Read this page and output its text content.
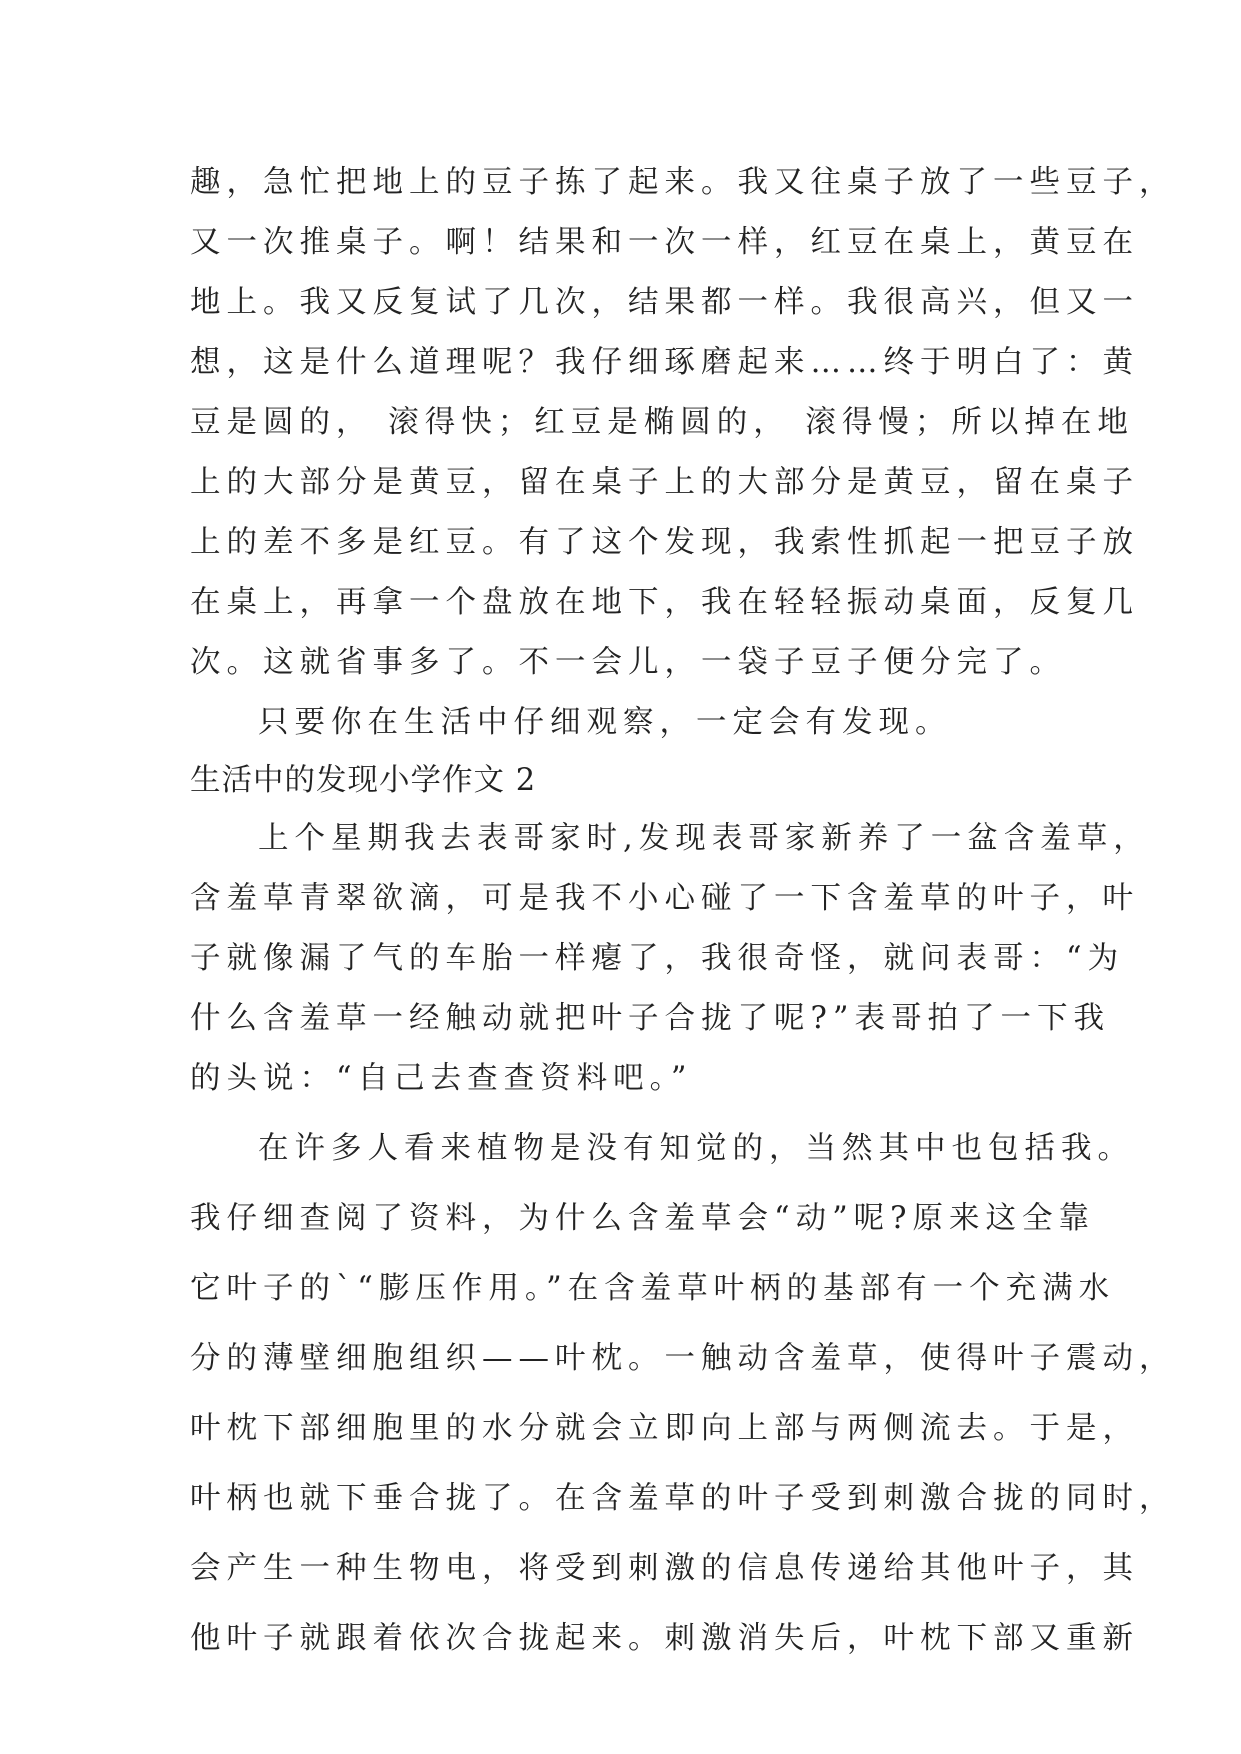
趣，急忙把地上的豆子拣了起来。我又往桌子放了一些豆子，
又一次推桌子。啊！结果和一次一样，红豆在桌上，黄豆在
地上。我又反复试了几次，结果都一样。我很高兴，但又一
想，这是什么道理呢？我仔细琢磨起来……终于明白了：黄
豆是圆的， 滚得快；红豆是椭圆的， 滚得慢；所以掉在地
上的大部分是黄豆，留在桌子上的大部分是黄豆，留在桌子
上的差不多是红豆。有了这个发现，我索性抓起一把豆子放
在桌上，再拿一个盘放在地下，我在轻轻振动桌面，反复几
次。这就省事多了。不一会儿，一袋子豆子便分完了。
只要你在生活中仔细观察，一定会有发现。
生活中的发现小学作文 2
上个星期我去表哥家时,发现表哥家新养了一盆含羞草，
含羞草青翠欲滴，可是我不小心碰了一下含羞草的叶子，叶
子就像漏了气的车胎一样瘪了，我很奇怪，就问表哥：“为
什么含羞草一经触动就把叶子合拢了呢?”表哥拍了一下我
的头说：“自己去查查资料吧。”
在许多人看来植物是没有知觉的，当然其中也包括我。
我仔细查阅了资料，为什么含羞草会“动”呢?原来这全靠
它叶子的`“膨压作用。”在含羞草叶柄的基部有一个充满水
分的薄壁细胞组织——叶枕。一触动含羞草，使得叶子震动，
叶枕下部细胞里的水分就会立即向上部与两侧流去。于是，
叶柄也就下垂合拢了。在含羞草的叶子受到刺激合拢的同时，
会产生一种生物电，将受到刺激的信息传递给其他叶子，其
他叶子就跟着依次合拢起来。刺激消失后，叶枕下部又重新
